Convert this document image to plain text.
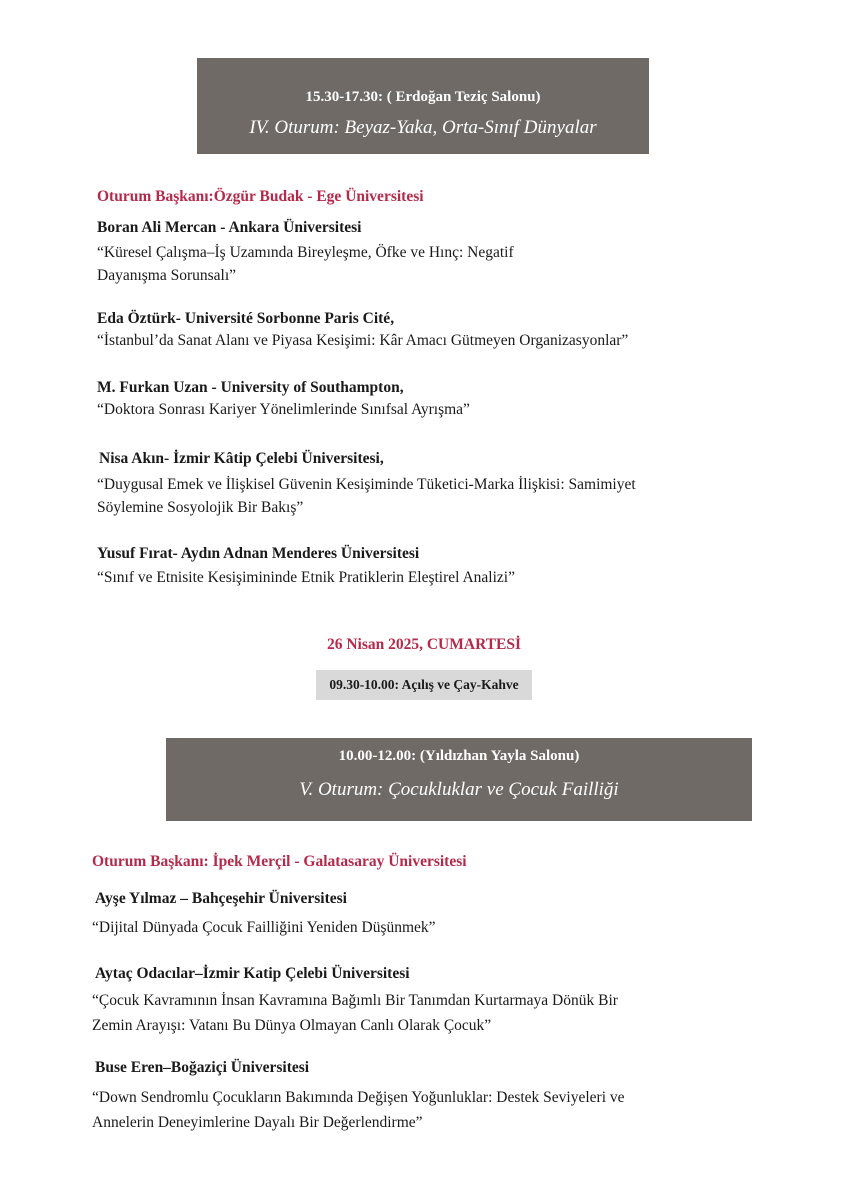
15.30-17.30: ( Erdoğan Teziç Salonu)
IV. Oturum: Beyaz-Yaka, Orta-Sınıf Dünyalar
Oturum Başkanı:Özgür Budak - Ege Üniversitesi
Boran Ali Mercan - Ankara Üniversitesi
“Küresel Çalışma–İş Uzamında Bireyleşme, Öfke ve Hınç: Negatif
Dayanışma Sorunsalı”
Eda Öztürk- Université Sorbonne Paris Cité,
“İstanbul’da Sanat Alanı ve Piyasa Kesişimi: Kâr Amacı Gütmeyen Organizasyonlar”
M. Furkan Uzan - University of Southampton,
“Doktora Sonrası Kariyer Yönelimlerinde Sınıfsal Ayrışma”
Nisa Akın- İzmir Kâtip Çelebi Üniversitesi,
“Duygusal Emek ve İlişkisel Güvenin Kesişiminde Tüketici-Marka İlişkisi: Samimiyet
Söylemine Sosyolojik Bir Bakış”
Yusuf Fırat- Aydın Adnan Menderes Üniversitesi
“Sınıf ve Etnisite Kesişimininde Etnik Pratiklerin Eleştirel Analizi”
26 Nisan 2025, CUMARTESİ
09.30-10.00: Açılış ve Çay-Kahve
10.00-12.00: (Yıldızhan Yayla Salonu)
V. Oturum: Çocukluklar ve Çocuk Failliği
Oturum Başkanı: İpek Merçil - Galatasaray Üniversitesi
Ayşe Yılmaz – Bahçeşehir Üniversitesi
“Dijital Dünyada Çocuk Failliğini Yeniden Düşünmek”
Aytaç Odacılar–İzmir Katip Çelebi Üniversitesi
“Çocuk Kavramının İnsan Kavramına Bağımlı Bir Tanımdan Kurtarmaya Dönük Bir
Zemin Arayışı: Vatanı Bu Dünya Olmayan Canlı Olarak Çocuk”
Buse Eren–Boğaziçi Üniversitesi
“Down Sendromlu Çocukların Bakımında Değişen Yoğunluklar: Destek Seviyeleri ve
Annelerin Deneyimlerine Dayalı Bir Değerlendirme”
